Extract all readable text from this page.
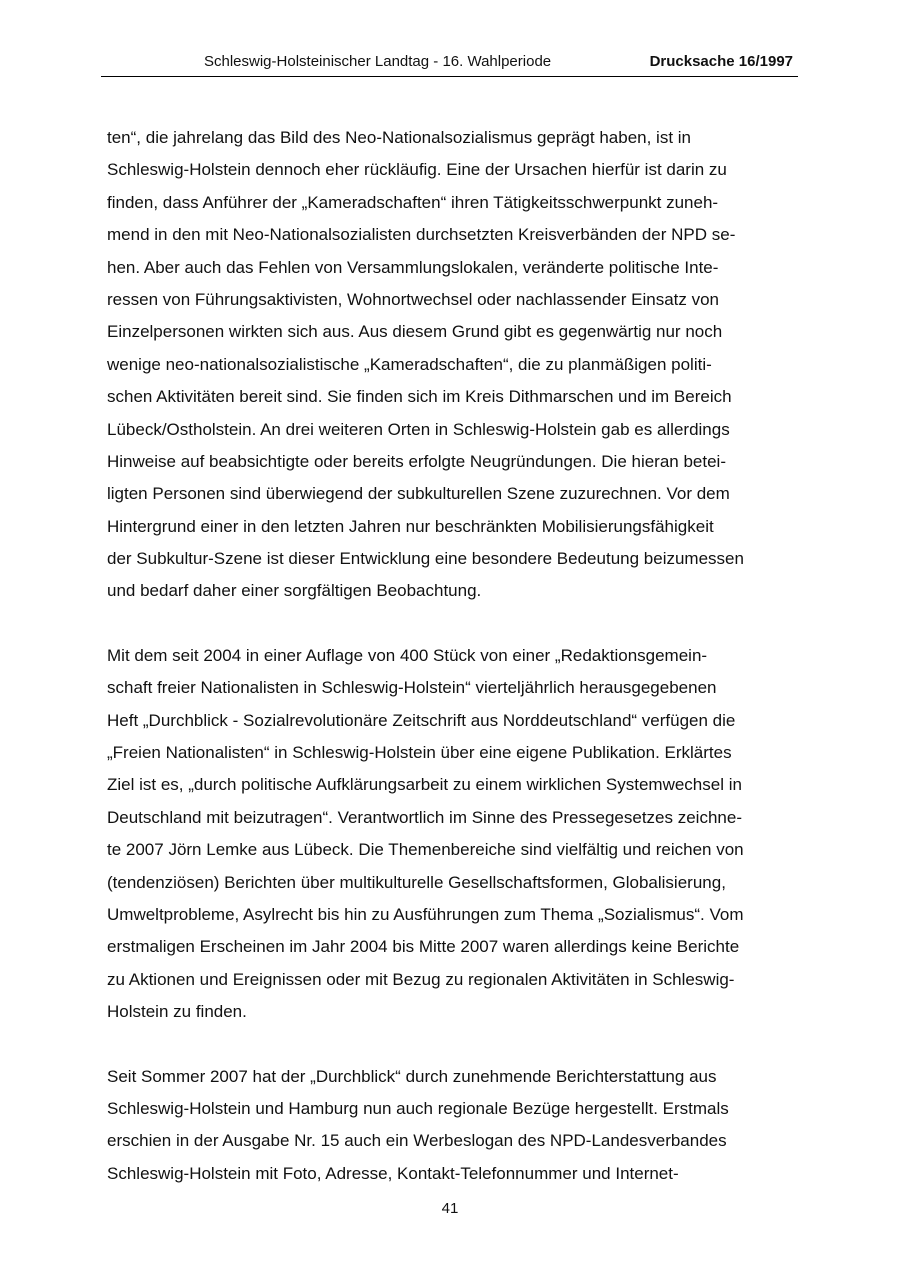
Schleswig-Holsteinischer Landtag - 16. Wahlperiode	Drucksache 16/1997
ten“, die jahrelang das Bild des Neo-Nationalsozialismus geprägt haben, ist in
Schleswig-Holstein dennoch eher rückläufig. Eine der Ursachen hierfür ist darin zu
finden, dass Anführer der „Kameradschaften“ ihren Tätigkeitsschwerpunkt zuneh-
mend in den mit Neo-Nationalsozialisten durchsetzten Kreisverbänden der NPD se-
hen. Aber auch das Fehlen von Versammlungslokalen, veränderte politische Inte-
ressen von Führungsaktivisten, Wohnortwechsel oder nachlassender Einsatz von
Einzelpersonen wirkten sich aus. Aus diesem Grund gibt es gegenwärtig nur noch
wenige neo-nationalsozialistische „Kameradschaften“, die zu planmäßigen politi-
schen Aktivitäten bereit sind. Sie finden sich im Kreis Dithmarschen und im Bereich
Lübeck/Ostholstein. An drei weiteren Orten in Schleswig-Holstein gab es allerdings
Hinweise auf beabsichtigte oder bereits erfolgte Neugründungen. Die hieran betei-
ligten Personen sind überwiegend der subkulturellen Szene zuzurechnen. Vor dem
Hintergrund einer in den letzten Jahren nur beschränkten Mobilisierungsfähigkeit
der Subkultur-Szene ist dieser Entwicklung eine besondere Bedeutung beizumessen
und bedarf daher einer sorgfältigen Beobachtung.
Mit dem seit 2004 in einer Auflage von 400 Stück von einer „Redaktionsgemein-
schaft freier Nationalisten in Schleswig-Holstein“ vierteljährlich herausgegebenen
Heft „Durchblick - Sozialrevolutionäre Zeitschrift aus Norddeutschland“ verfügen die
„Freien Nationalisten“ in Schleswig-Holstein über eine eigene Publikation. Erklärtes
Ziel ist es, „durch politische Aufklärungsarbeit zu einem wirklichen Systemwechsel in
Deutschland mit beizutragen“. Verantwortlich im Sinne des Pressegesetzes zeichne-
te 2007 Jörn Lemke aus Lübeck. Die Themenbereiche sind vielfältig und reichen von
(tendenziösen) Berichten über multikulturelle Gesellschaftsformen, Globalisierung,
Umweltprobleme, Asylrecht bis hin zu Ausführungen zum Thema „Sozialismus“. Vom
erstmaligen Erscheinen im Jahr 2004 bis Mitte 2007 waren allerdings keine Berichte
zu Aktionen und Ereignissen oder mit Bezug zu regionalen Aktivitäten in Schleswig-
Holstein zu finden.
Seit Sommer 2007 hat der „Durchblick“ durch zunehmende Berichterstattung aus
Schleswig-Holstein und Hamburg nun auch regionale Bezüge hergestellt. Erstmals
erschien in der Ausgabe Nr. 15 auch ein Werbeslogan des NPD-Landesverbandes
Schleswig-Holstein mit Foto, Adresse, Kontakt-Telefonnummer und Internet-
41
